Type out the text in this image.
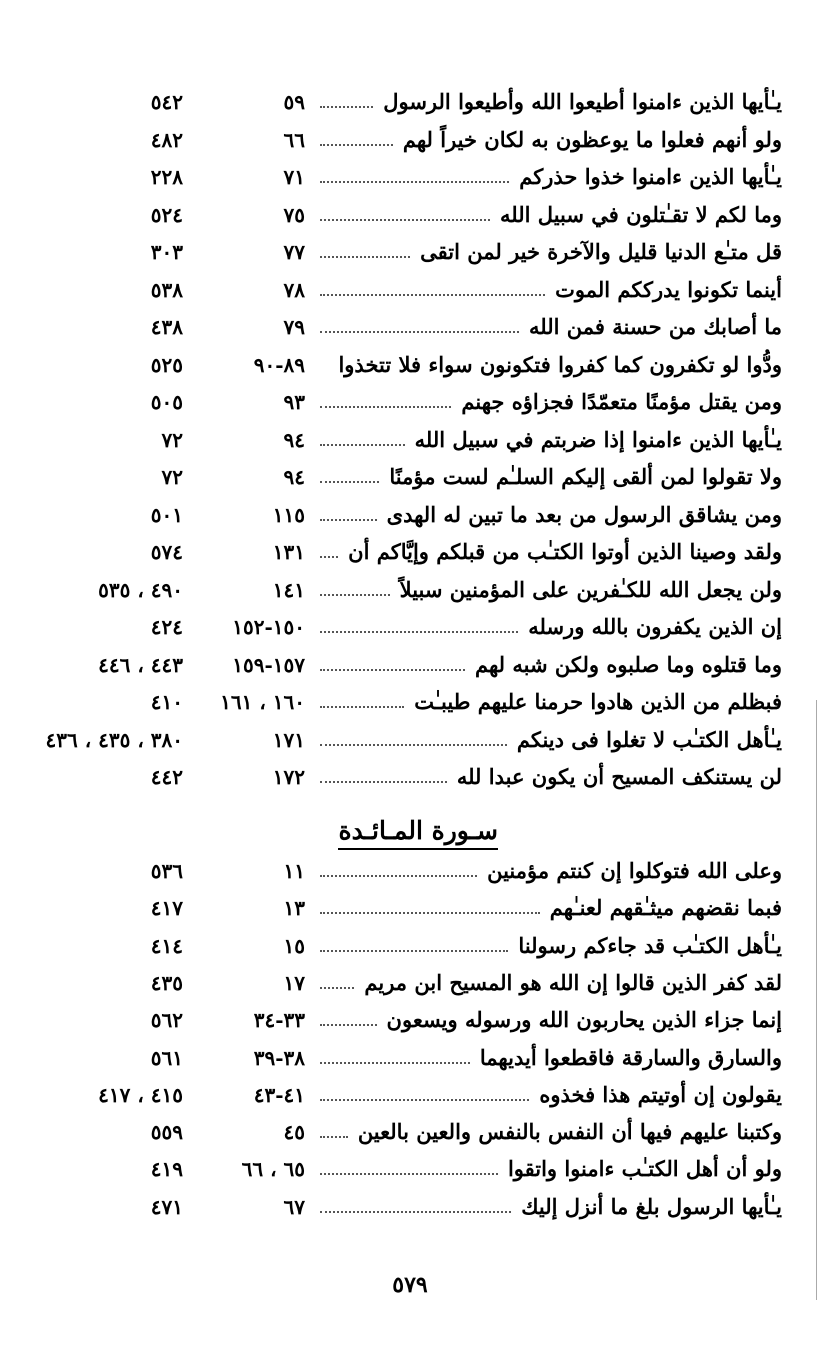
يـٰأيها الذين ءامنوا أطيعوا الله وأطيعوا الرسول
٥٩
٥٤٢
ولو أنهم فعلوا ما يوعظون به لكان خيراً لهم
٦٦
٤٨٢
يـٰأيها الذين ءامنوا خذوا حذركم
٧١
٢٢٨
وما لكم لا تقـٰتلون في سبيل الله
٧٥
٥٢٤
قل متـٰع الدنيا قليل والآخرة خير لمن اتقى
٧٧
٣٠٣
أينما تكونوا يدرككم الموت
٧٨
٥٣٨
ما أصابك من حسنة فمن الله
٧٩
٤٣٨
ودُّوا لو تكفرون كما كفروا فتكونون سواء فلا تتخذوا
٨٩-٩٠
٥٢٥
ومن يقتل مؤمنًا متعمّدًا فجزاؤه جهنم
٩٣
٥٠٥
يـٰأيها الذين ءامنوا إذا ضربتم في سبيل الله
٩٤
٧٢
ولا تقولوا لمن ألقى إليكم السلـٰم لست مؤمنًا
٩٤
٧٢
ومن يشاقق الرسول من بعد ما تبين له الهدى
١١٥
٥٠١
ولقد وصينا الذين أوتوا الكتـٰب من قبلكم وإيَّاكم أن
١٣١
٥٧٤
ولن يجعل الله للكـٰفرين على المؤمنين سبيلاً
١٤١
٤٩٠ ، ٥٣٥
إن الذين يكفرون بالله ورسله
١٥٠-١٥٢
٤٢٤
وما قتلوه وما صلبوه ولكن شبه لهم
١٥٧-١٥٩
٤٤٣ ، ٤٤٦
فبظلم من الذين هادوا حرمنا عليهم طيبـٰت
١٦٠ ، ١٦١
٤١٠
يـٰأهل الكتـٰب لا تغلوا فى دينكم
١٧١
٣٨٠ ، ٤٣٥ ، ٤٣٦
لن يستنكف المسيح أن يكون عبدا لله
١٧٢
٤٤٢
سـورة المـائـدة
وعلى الله فتوكلوا إن كنتم مؤمنين
١١
٥٣٦
فبما نقضهم ميثـٰقهم لعنـٰهم
١٣
٤١٧
يـٰأهل الكتـٰب قد جاءكم رسولنا
١٥
٤١٤
لقد كفر الذين قالوا إن الله هو المسيح ابن مريم
١٧
٤٣٥
إنما جزاء الذين يحاربون الله ورسوله ويسعون
٣٣-٣٤
٥٦٢
والسارق والسارقة فاقطعوا أيديهما
٣٨-٣٩
٥٦١
يقولون إن أوتيتم هذا فخذوه
٤١-٤٣
٤١٥ ، ٤١٧
وكتبنا عليهم فيها أن النفس بالنفس والعين بالعين
٤٥
٥٥٩
ولو أن أهل الكتـٰب ءامنوا واتقوا
٦٥ ، ٦٦
٤١٩
يـٰأيها الرسول بلغ ما أنزل إليك
٦٧
٤٧١
٥٧٩
